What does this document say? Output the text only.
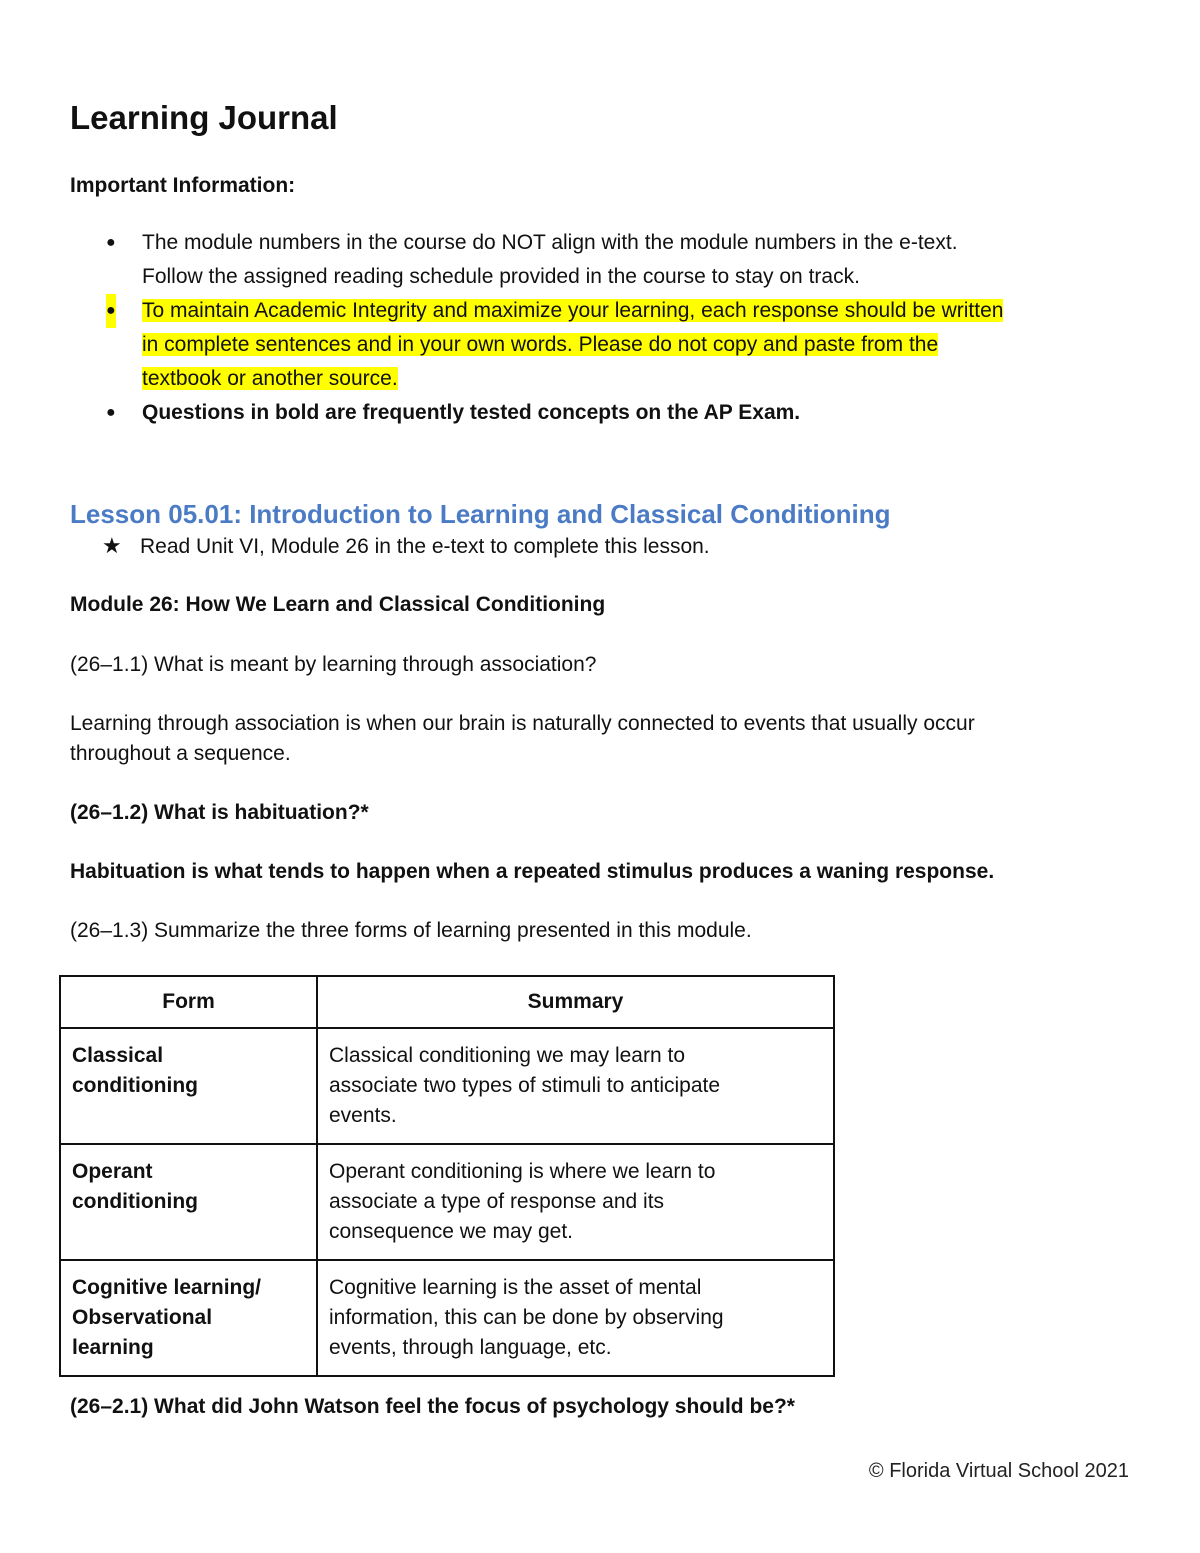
Learning Journal
Important Information:
● The module numbers in the course do NOT align with the module numbers in the e-text.
Follow the assigned reading schedule provided in the course to stay on track.
● To maintain Academic Integrity and maximize your learning, each response should be written
in complete sentences and in your own words. Please do not copy and paste from the
textbook or another source.
● Questions in bold are frequently tested concepts on the AP Exam.
Lesson 05.01: Introduction to Learning and Classical Conditioning
★ Read Unit VI, Module 26 in the e-text to complete this lesson.
Module 26: How We Learn and Classical Conditioning
(26–1.1) What is meant by learning through association?
Learning through association is when our brain is naturally connected to events that usually occur
throughout a sequence.
(26–1.2) What is habituation?*
Habituation is what tends to happen when a repeated stimulus produces a waning response.
(26–1.3) Summarize the three forms of learning presented in this module.
Form	Summary
Classical
conditioning	Classical conditioning we may learn to
associate two types of stimuli to anticipate
events.
Operant
conditioning	Operant conditioning is where we learn to
associate a type of response and its
consequence we may get.
Cognitive learning/
Observational
learning	Cognitive learning is the asset of mental
information, this can be done by observing
events, through language, etc.
(26–2.1) What did John Watson feel the focus of psychology should be?*
© Florida Virtual School 2021
